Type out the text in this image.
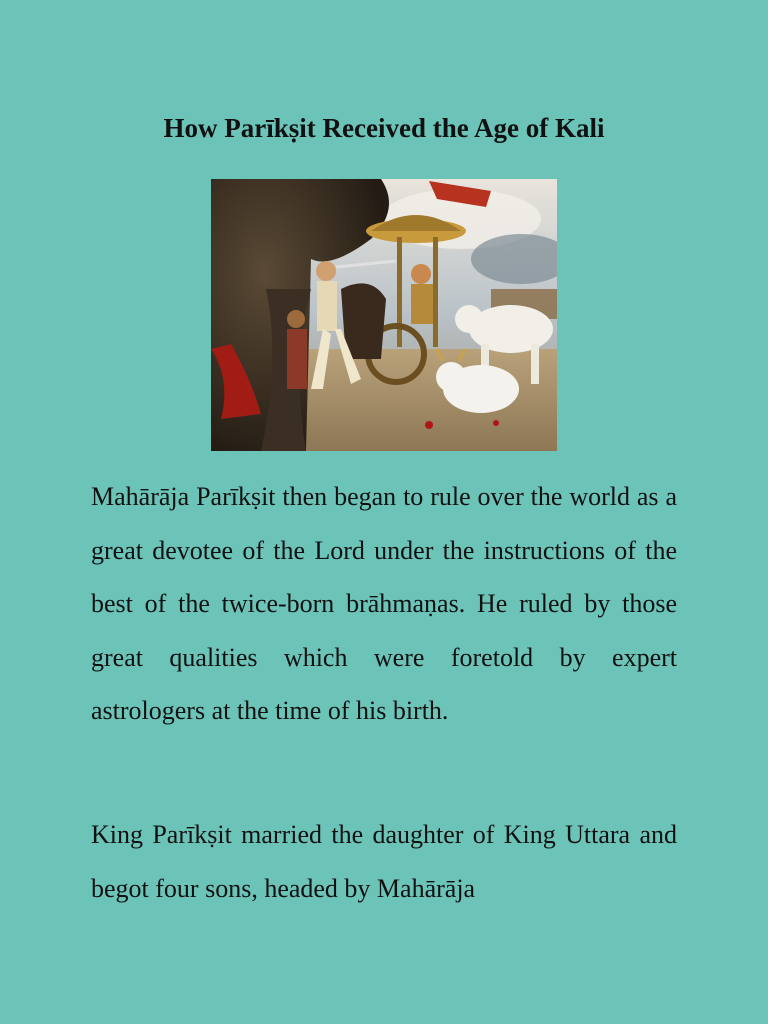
How Parīkṣit Received the Age of Kali

Mahārāja Parīkṣit then began to rule over the world as a great devotee of the Lord under the instructions of the best of the twice-born brāhmaṇas. He ruled by those great qualities which were foretold by expert astrologers at the time of his birth.

King Parīkṣit married the daughter of King Uttara and begot four sons, headed by Mahārāja
